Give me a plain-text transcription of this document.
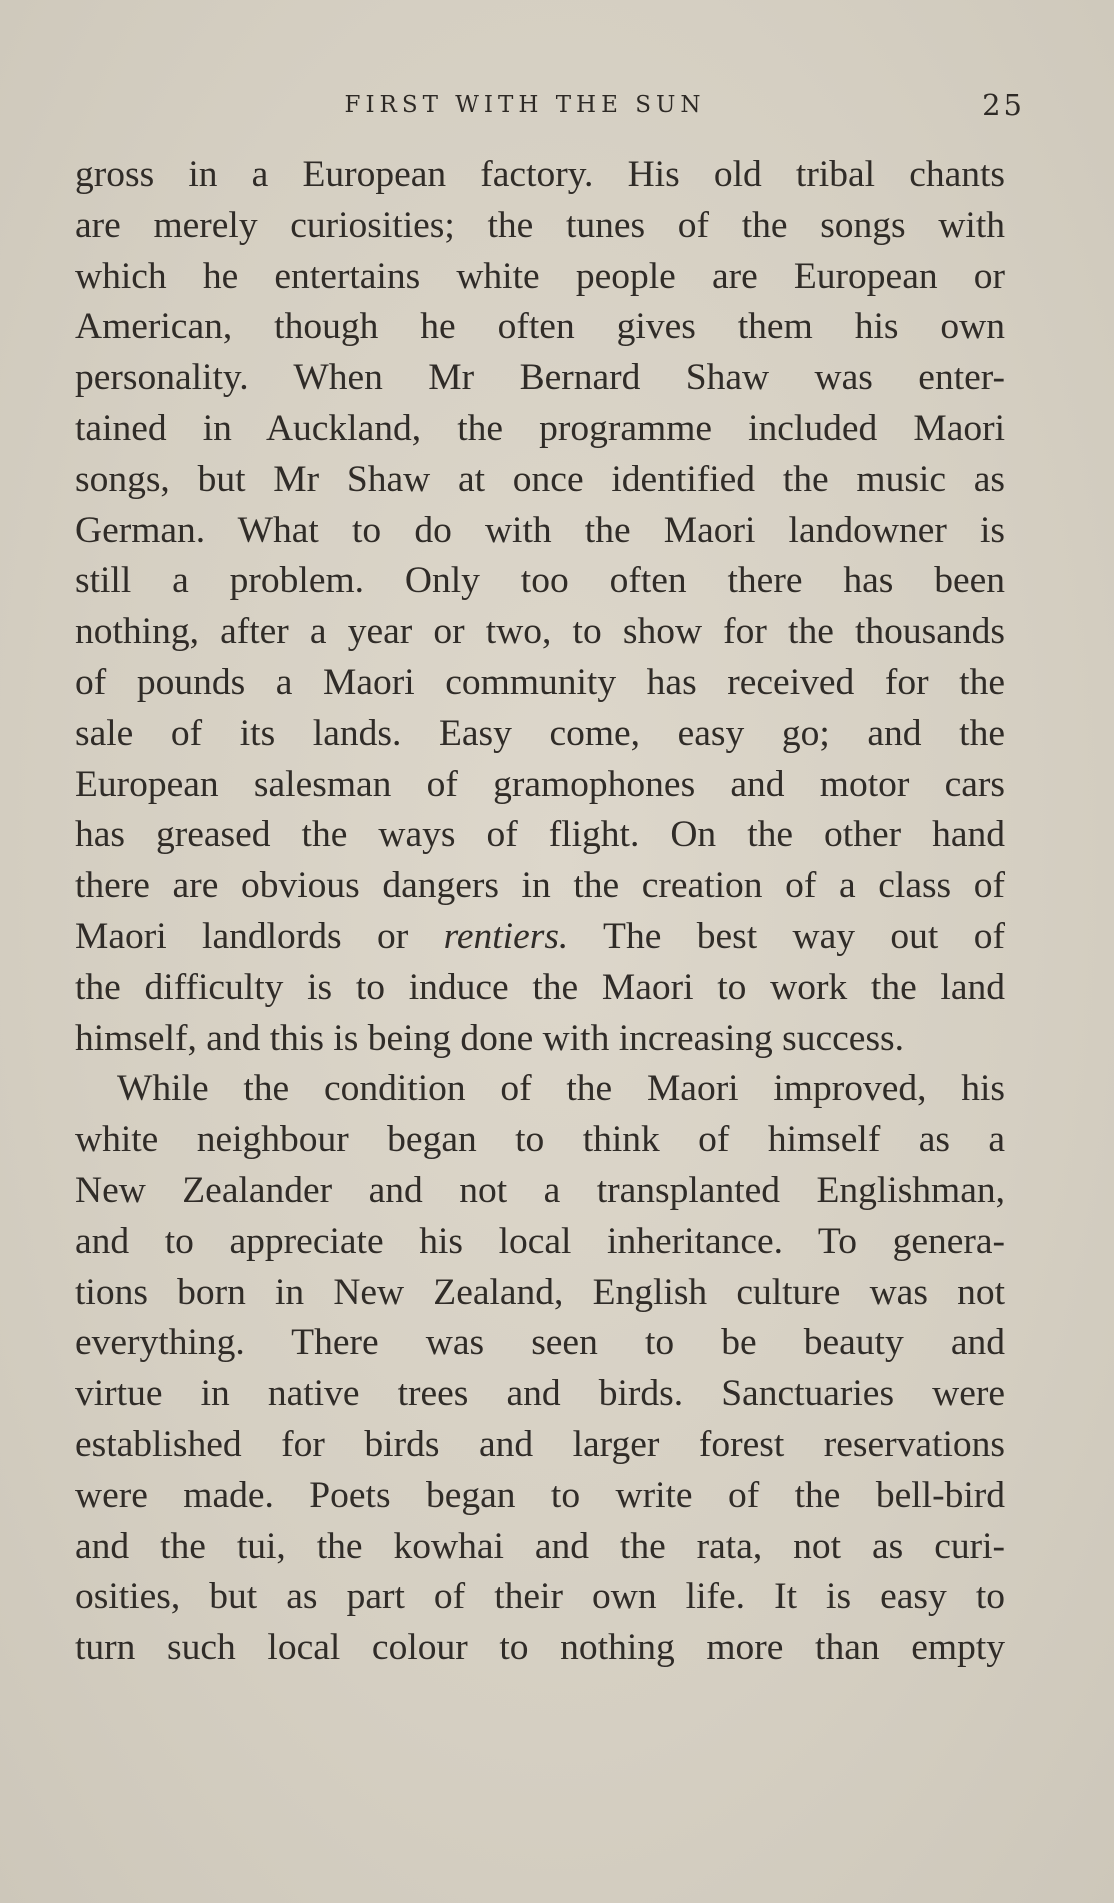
FIRST WITH THE SUN	25
gross in a European factory. His old tribal chants
are merely curiosities; the tunes of the songs with
which he entertains white people are European or
American, though he often gives them his own
personality. When Mr Bernard Shaw was enter-
tained in Auckland, the programme included Maori
songs, but Mr Shaw at once identified the music as
German. What to do with the Maori landowner is
still a problem. Only too often there has been
nothing, after a year or two, to show for the thousands
of pounds a Maori community has received for the
sale of its lands. Easy come, easy go; and the
European salesman of gramophones and motor cars
has greased the ways of flight. On the other hand
there are obvious dangers in the creation of a class of
Maori landlords or rentiers. The best way out of
the difficulty is to induce the Maori to work the land
himself, and this is being done with increasing success.
While the condition of the Maori improved, his
white neighbour began to think of himself as a
New Zealander and not a transplanted Englishman,
and to appreciate his local inheritance. To genera-
tions born in New Zealand, English culture was not
everything. There was seen to be beauty and
virtue in native trees and birds. Sanctuaries were
established for birds and larger forest reservations
were made. Poets began to write of the bell-bird
and the tui, the kowhai and the rata, not as curi-
osities, but as part of their own life. It is easy to
turn such local colour to nothing more than empty
